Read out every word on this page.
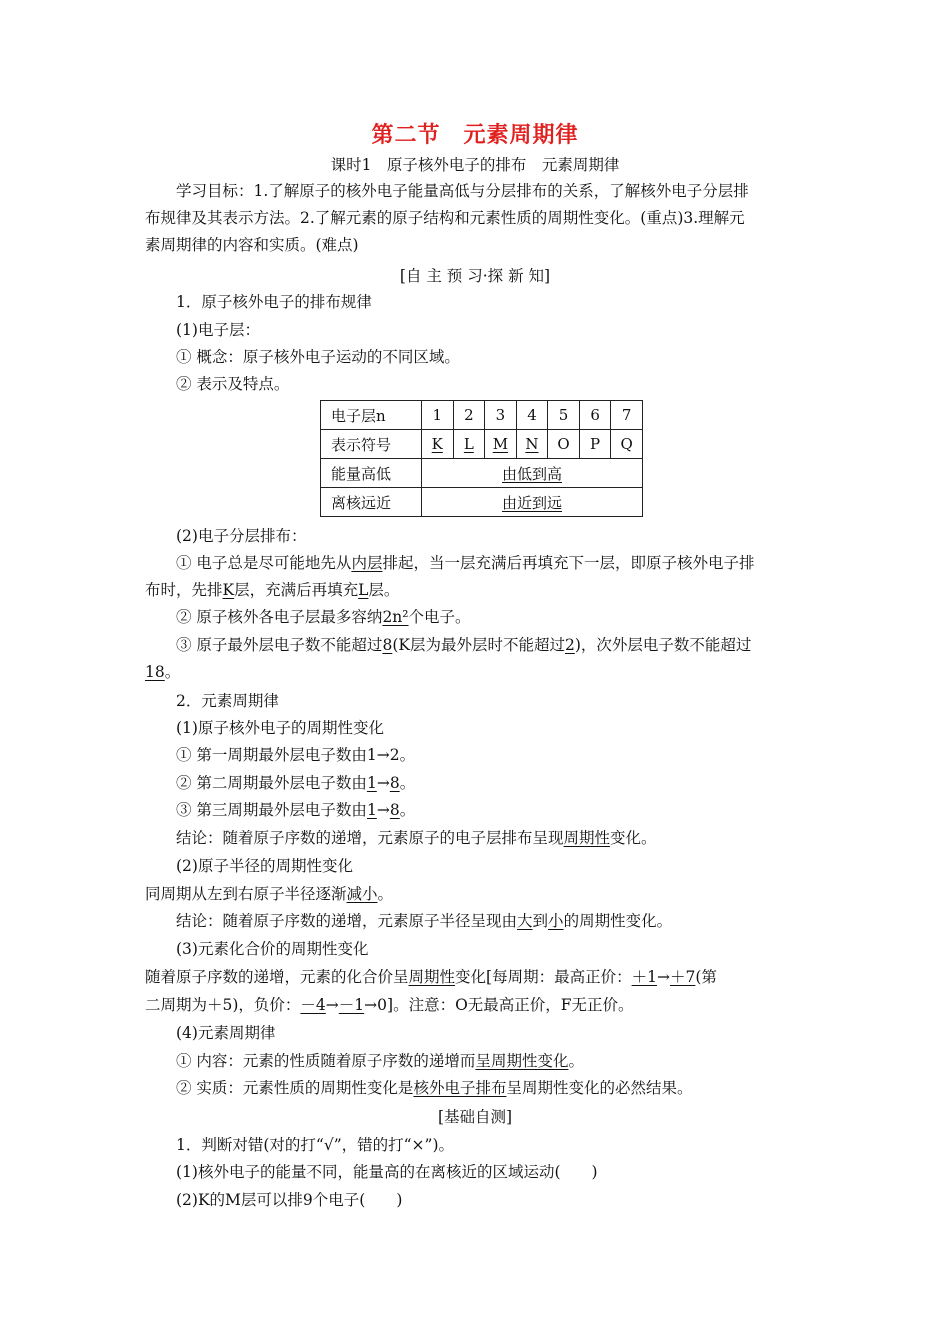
第二节　元素周期律
课时1　原子核外电子的排布　元素周期律
学习目标：1.了解原子的核外电子能量高低与分层排布的关系，了解核外电子分层排
布规律及其表示方法。2.了解元素的原子结构和元素性质的周期性变化。(重点)3.理解元
素周期律的内容和实质。(难点)
[自 主 预 习·探 新 知]
1．原子核外电子的排布规律
(1)电子层：
① 概念：原子核外电子运动的不同区域。
② 表示及特点。
电子层n	1	2	3	4	5	6	7
表示符号	K	L	M	N	O	P	Q
能量高低	由低到高						
离核远近	由近到远						
(2)电子分层排布：
① 电子总是尽可能地先从内层排起，当一层充满后再填充下一层，即原子核外电子排
布时，先排K层，充满后再填充L层。
② 原子核外各电子层最多容纳2n²个电子。
③ 原子最外层电子数不能超过8(K层为最外层时不能超过2)，次外层电子数不能超过
18。
2．元素周期律
(1)原子核外电子的周期性变化
① 第一周期最外层电子数由1→2。
② 第二周期最外层电子数由1→8。
③ 第三周期最外层电子数由1→8。
结论：随着原子序数的递增，元素原子的电子层排布呈现周期性变化。
(2)原子半径的周期性变化
同周期从左到右原子半径逐渐减小。
结论：随着原子序数的递增，元素原子半径呈现由大到小的周期性变化。
(3)元素化合价的周期性变化
随着原子序数的递增，元素的化合价呈周期性变化[每周期：最高正价：＋1→＋7(第
二周期为＋5)，负价：－4→－1→0]。注意：O无最高正价，F无正价。
(4)元素周期律
① 内容：元素的性质随着原子序数的递增而呈周期性变化。
② 实质：元素性质的周期性变化是核外电子排布呈周期性变化的必然结果。
[基础自测]
1．判断对错(对的打“√”，错的打“×”)。
(1)核外电子的能量不同，能量高的在离核近的区域运动(　　)
(2)K的M层可以排9个电子(　　)
